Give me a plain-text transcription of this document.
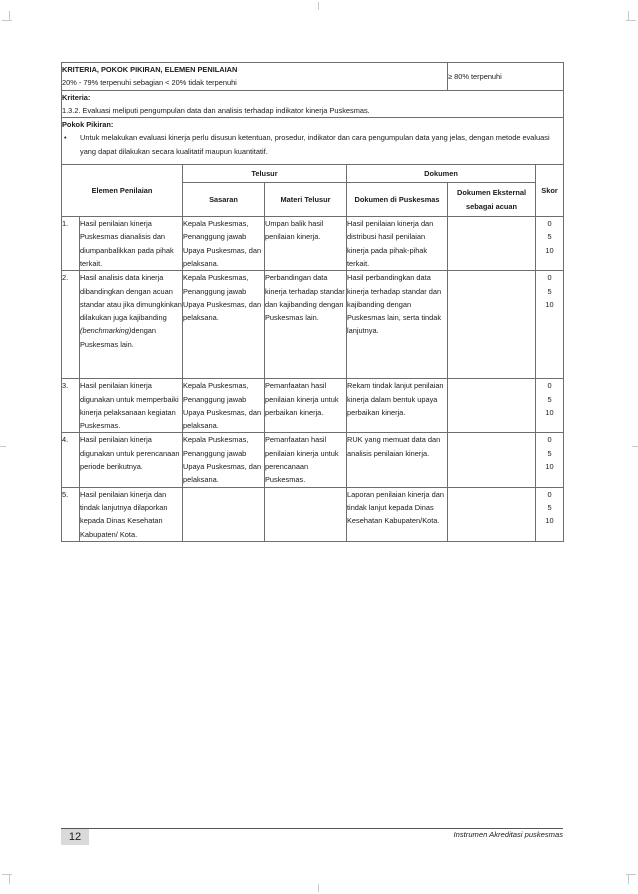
KRITERIA, POKOK PIKIRAN, ELEMEN PENILAIAN
20% - 79% terpenuhi sebagian < 20% tidak terpenuhi					≥ 80% terpenuhi	

Kriteria:
1.3.2. Evaluasi meliputi pengumpulan data dan analisis terhadap indikator kinerja Puskesmas.						

Pokok Pikiran:
• Untuk melakukan evaluasi kinerja perlu disusun ketentuan, prosedur, indikator dan cara pengumpulan data yang jelas, dengan metode evaluasi yang dapat dilakukan secara kualitatif maupun kuantitatif.						

Elemen Penilaian		Telusur		Dokumen		Skor
		Sasaran	Materi Telusur	Dokumen di Puskesmas	Dokumen Eksternal sebagai acuan	
1.	Hasil penilaian kinerja Puskesmas dianalisis dan diumpanbalikkan pada pihak terkait.	Kepala Puskesmas, Penanggung jawab Upaya Puskesmas, dan pelaksana.	Umpan balik hasil penilaian kinerja.	Hasil penilaian kinerja dan distribusi hasil penilaian kinerja pada pihak-pihak terkait.		0
5
10

2.	Hasil analisis data kinerja dibandingkan dengan acuan standar atau jika dimungkinkan dilakukan juga kajibanding (benchmarking)dengan Puskesmas lain.	Kepala Puskesmas, Penanggung jawab Upaya Puskesmas, dan pelaksana.	Perbandingan data kinerja terhadap standar dan kajibanding dengan Puskesmas lain.	Hasil perbandingkan data kinerja terhadap standar dan kajibanding dengan Puskesmas lain, serta tindak lanjutnya.		0
5
10

3.	Hasil penilaian kinerja digunakan untuk memperbaiki kinerja pelaksanaan kegiatan Puskesmas.	Kepala Puskesmas, Penanggung jawab Upaya Puskesmas, dan pelaksana.	Pemanfaatan hasil penilaian kinerja untuk perbaikan kinerja.	Rekam tindak lanjut penilaian kinerja dalam bentuk upaya perbaikan kinerja.		0
5
10

4.	Hasil penilaian kinerja digunakan untuk perencanaan periode berikutnya.	Kepala Puskesmas, Penanggung jawab Upaya Puskesmas, dan pelaksana.	Pemanfaatan hasil penilaian kinerja untuk perencanaan Puskesmas.	RUK yang memuat data dan analisis penilaian kinerja.		0
5
10

5.	Hasil penilaian kinerja dan tindak lanjutnya dilaporkan kepada Dinas Kesehatan Kabupaten/ Kota.			Laporan penilaian kinerja dan tindak lanjut kepada Dinas Kesehatan Kabupaten/Kota.		0
5
10
12	Instrumen Akreditasi puskesmas
